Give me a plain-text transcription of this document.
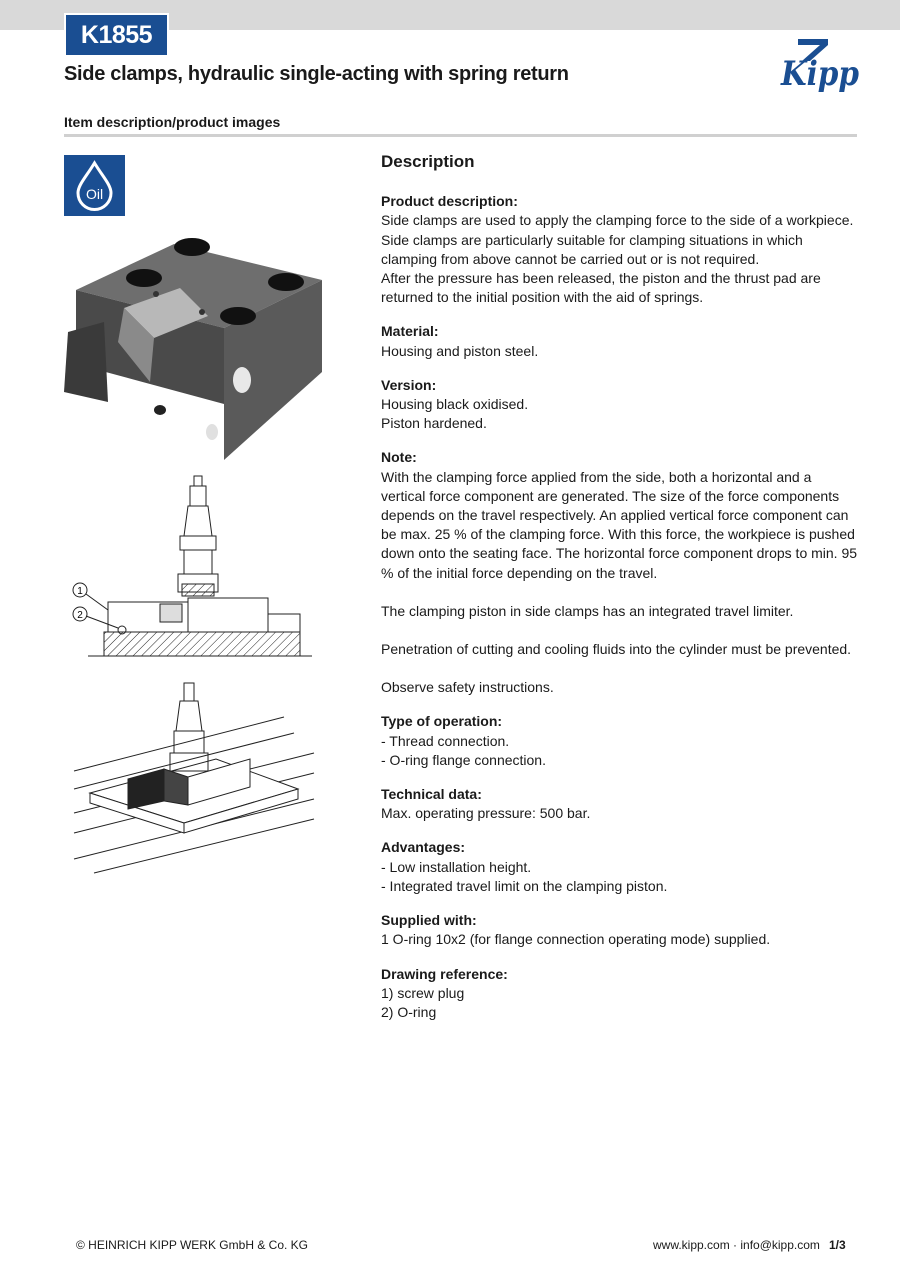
K1855
Side clamps, hydraulic single-acting with spring return	Kipp
Item description/product images
Oil
1
2
Description
Product description:
Side clamps are used to apply the clamping force to the side of a workpiece. Side clamps are particularly suitable for clamping situations in which clamping from above cannot be carried out or is not required.
After the pressure has been released, the piston and the thrust pad are returned to the initial position with the aid of springs.
Material:
Housing and piston steel.
Version:
Housing black oxidised.
Piston hardened.
Note:
With the clamping force applied from the side, both a horizontal and a vertical force component are generated. The size of the force components depends on the travel respectively. An applied vertical force component can be max. 25 % of the clamping force. With this force, the workpiece is pushed down onto the seating face. The horizontal force component drops to min. 95 % of the initial force depending on the travel.
The clamping piston in side clamps has an integrated travel limiter.
Penetration of cutting and cooling fluids into the cylinder must be prevented.
Observe safety instructions.
Type of operation:
- Thread connection.
- O-ring flange connection.
Technical data:
Max. operating pressure: 500 bar.
Advantages:
- Low installation height.
- Integrated travel limit on the clamping piston.
Supplied with:
1 O-ring 10x2 (for flange connection operating mode) supplied.
Drawing reference:
1) screw plug
2) O-ring
© HEINRICH KIPP WERK GmbH & Co. KG	www.kipp.com · info@kipp.com 1/3
